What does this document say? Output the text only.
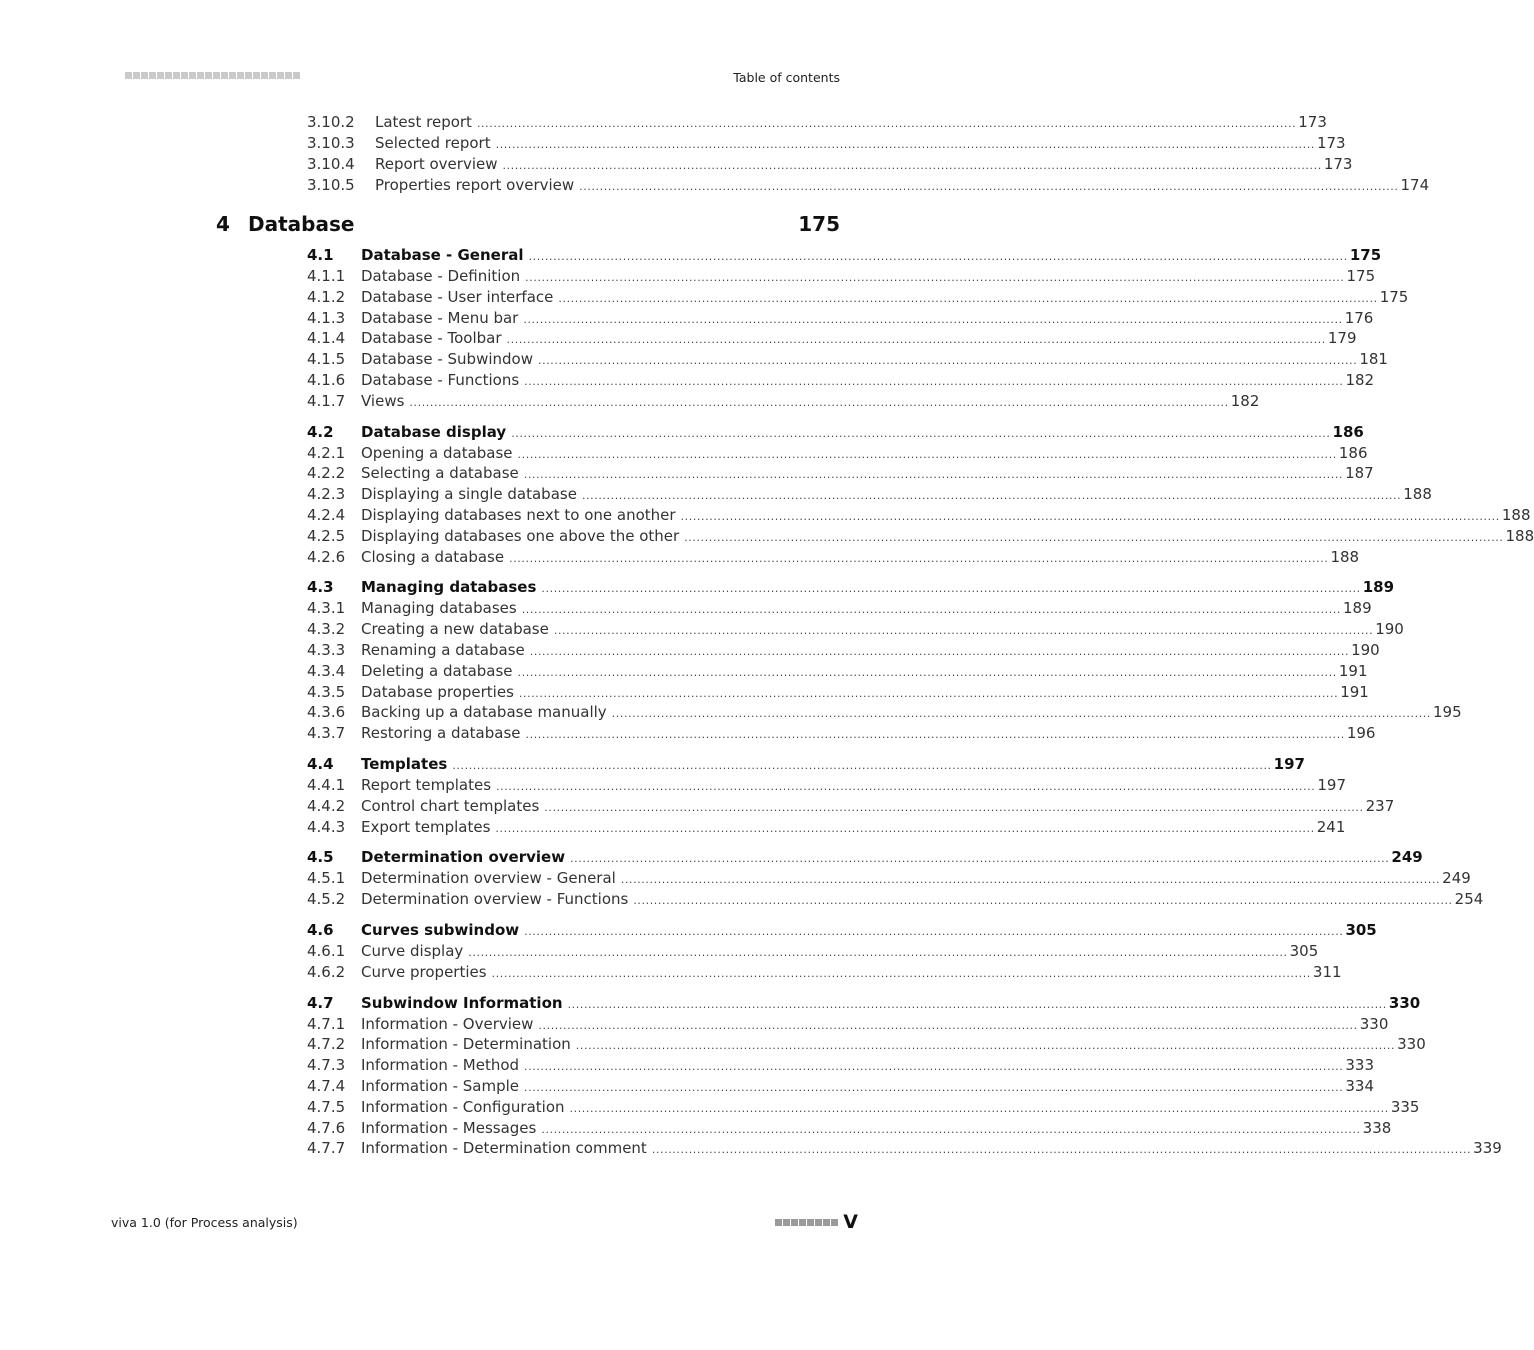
Table of contents
4 Database	175
3.10.2	Latest report ........................................................................................................................................................................................................ 173
3.10.3	Selected report ........................................................................................................................................................................................................ 173
3.10.4	Report overview ........................................................................................................................................................................................................ 173
3.10.5	Properties report overview ........................................................................................................................................................................................................ 174
4.1	Database - General ........................................................................................................................................................................................................ 175
4.1.1	Database - Definition ........................................................................................................................................................................................................ 175
4.1.2	Database - User interface ........................................................................................................................................................................................................ 175
4.1.3	Database - Menu bar ........................................................................................................................................................................................................ 176
4.1.4	Database - Toolbar ........................................................................................................................................................................................................ 179
4.1.5	Database - Subwindow ........................................................................................................................................................................................................ 181
4.1.6	Database - Functions ........................................................................................................................................................................................................ 182
4.1.7	Views ........................................................................................................................................................................................................ 182
4.2	Database display ........................................................................................................................................................................................................ 186
4.2.1	Opening a database ........................................................................................................................................................................................................ 186
4.2.2	Selecting a database ........................................................................................................................................................................................................ 187
4.2.3	Displaying a single database ........................................................................................................................................................................................................ 188
4.2.4	Displaying databases next to one another ........................................................................................................................................................................................................ 188
4.2.5	Displaying databases one above the other ........................................................................................................................................................................................................ 188
4.2.6	Closing a database ........................................................................................................................................................................................................ 188
4.3	Managing databases ........................................................................................................................................................................................................ 189
4.3.1	Managing databases ........................................................................................................................................................................................................ 189
4.3.2	Creating a new database ........................................................................................................................................................................................................ 190
4.3.3	Renaming a database ........................................................................................................................................................................................................ 190
4.3.4	Deleting a database ........................................................................................................................................................................................................ 191
4.3.5	Database properties ........................................................................................................................................................................................................ 191
4.3.6	Backing up a database manually ........................................................................................................................................................................................................ 195
4.3.7	Restoring a database ........................................................................................................................................................................................................ 196
4.4	Templates ........................................................................................................................................................................................................ 197
4.4.1	Report templates ........................................................................................................................................................................................................ 197
4.4.2	Control chart templates ........................................................................................................................................................................................................ 237
4.4.3	Export templates ........................................................................................................................................................................................................ 241
4.5	Determination overview ........................................................................................................................................................................................................ 249
4.5.1	Determination overview - General ........................................................................................................................................................................................................ 249
4.5.2	Determination overview - Functions ........................................................................................................................................................................................................ 254
4.6	Curves subwindow ........................................................................................................................................................................................................ 305
4.6.1	Curve display ........................................................................................................................................................................................................ 305
4.6.2	Curve properties ........................................................................................................................................................................................................ 311
4.7	Subwindow Information ........................................................................................................................................................................................................ 330
4.7.1	Information - Overview ........................................................................................................................................................................................................ 330
4.7.2	Information - Determination ........................................................................................................................................................................................................ 330
4.7.3	Information - Method ........................................................................................................................................................................................................ 333
4.7.4	Information - Sample ........................................................................................................................................................................................................ 334
4.7.5	Information - Configuration ........................................................................................................................................................................................................ 335
4.7.6	Information - Messages ........................................................................................................................................................................................................ 338
4.7.7	Information - Determination comment ........................................................................................................................................................................................................ 339
viva 1.0 (for Process analysis)	V
